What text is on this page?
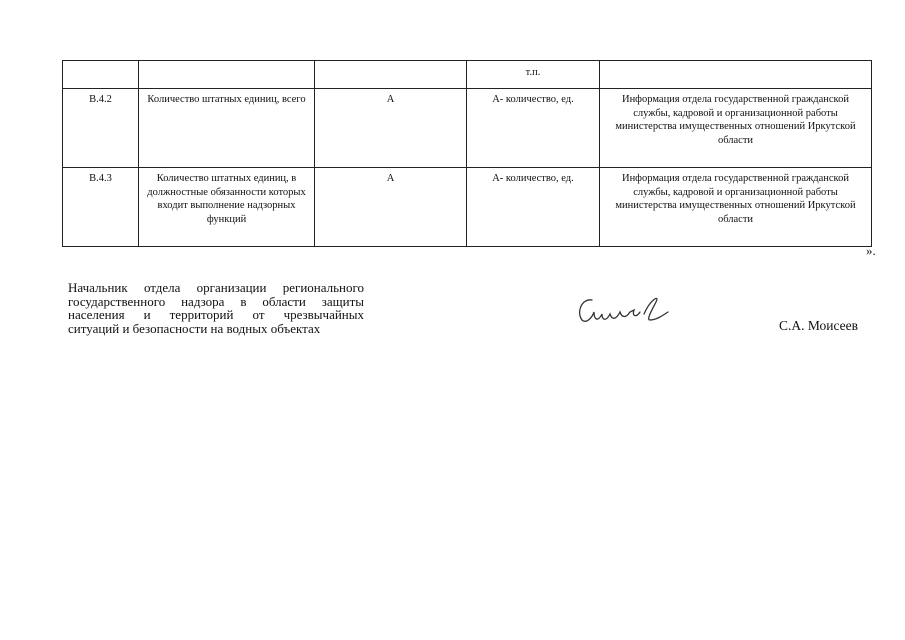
			т.п.	
В.4.2	Количество штатных единиц, всего	А	А- количество, ед.	Информация отдела государственной гражданской службы, кадровой и организационной работы министерства имущественных отношений Иркутской области
В.4.3	Количество штатных единиц, в должностные обязанности которых входит выполнение надзорных функций	А	А- количество, ед.	Информация отдела государственной гражданской службы, кадровой и организационной работы министерства имущественных отношений Иркутской области
».
Начальник отдела организации регионального
государственного надзора в области защиты
населения и территорий от чрезвычайных
ситуаций и безопасности на водных объектах	С.А. Моисеев
